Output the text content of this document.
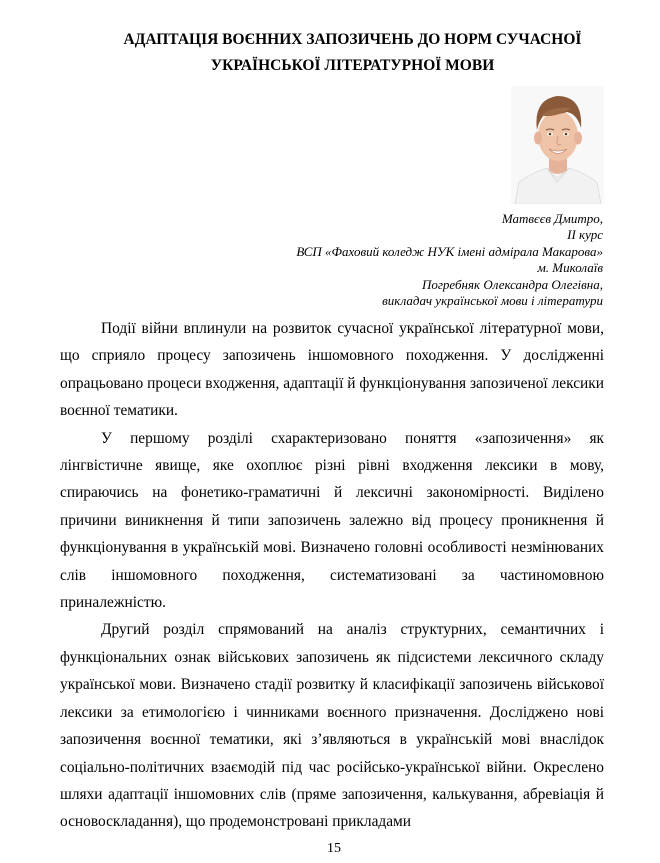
АДАПТАЦІЯ ВОЄННИХ ЗАПОЗИЧЕНЬ ДО НОРМ СУЧАСНОЇ
УКРАЇНСЬКОЇ ЛІТЕРАТУРНОЇ МОВИ
Матвєєв Дмитро,
ІІ курс
ВСП «Фаховий коледж НУК імені адмірала Макарова»
м. Миколаїв
Погребняк Олександра Олегівна,
викладач української мови і літератури

Події війни вплинули на розвиток сучасної української літературної мови, що сприяло процесу запозичень іншомовного походження. У дослідженні опрацьовано процеси входження, адаптації й функціонування запозиченої лексики воєнної тематики.

У першому розділі схарактеризовано поняття «запозичення» як лінгвістичне явище, яке охоплює різні рівні входження лексики в мову, спираючись на фонетико-граматичні й лексичні закономірності. Виділено причини виникнення й типи запозичень залежно від процесу проникнення й функціонування в українській мові. Визначено головні особливості незмінюваних слів іншомовного походження, систематизовані за частиномовною приналежністю.

Другий розділ спрямований на аналіз структурних, семантичних і функціональних ознак військових запозичень як підсистеми лексичного складу української мови. Визначено стадії розвитку й класифікації запозичень військової лексики за етимологією і чинниками воєнного призначення. Досліджено нові запозичення воєнної тематики, які з’являються в українській мові внаслідок соціально-політичних взаємодій під час російсько-української війни. Окреслено шляхи адаптації іншомовних слів (пряме запозичення, калькування, абревіація й основоскладання), що продемонстровані прикладами

15
